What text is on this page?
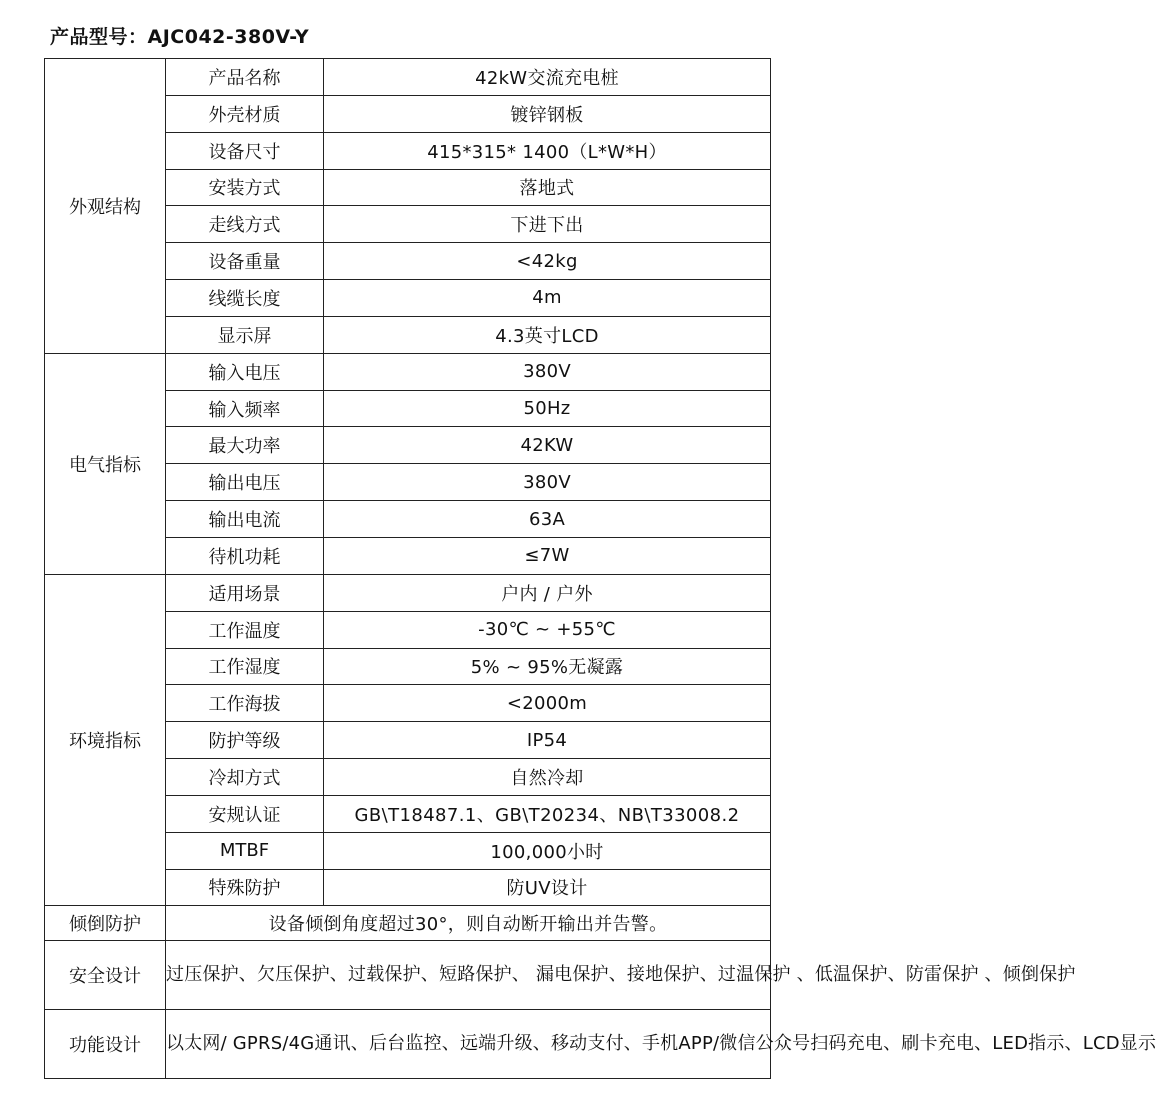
产品型号：AJC042-380V-Y
外观结构	产品名称	42kW交流充电桩
	外壳材质	镀锌钢板
	设备尺寸	415*315* 1400（L*W*H）
	安装方式	落地式
	走线方式	下进下出
	设备重量	<42kg
	线缆长度	4m
	显示屏	4.3英寸LCD
电气指标	输入电压	380V
	输入频率	50Hz
	最大功率	42KW
	输出电压	380V
	输出电流	63A
	待机功耗	≤7W
环境指标	适用场景	户内 / 户外
	工作温度	-30℃ ~ +55℃
	工作湿度	5% ~ 95%无凝露
	工作海拔	<2000m
	防护等级	IP54
	冷却方式	自然冷却
	安规认证	GB\T18487.1、GB\T20234、NB\T33008.2
	MTBF	100,000小时
	特殊防护	防UV设计
倾倒防护	设备倾倒角度超过30°，则自动断开输出并告警。	
安全设计	过压保护、欠压保护、过载保护、短路保护、 漏电保护、接地保护、过温保护 、低温保护、防雷保护 、倾倒保护	
功能设计	以太网/ GPRS/4G通讯、后台监控、远端升级、移动支付、手机APP/微信公众号扫码充电、刷卡充电、LED指示、LCD显示	
